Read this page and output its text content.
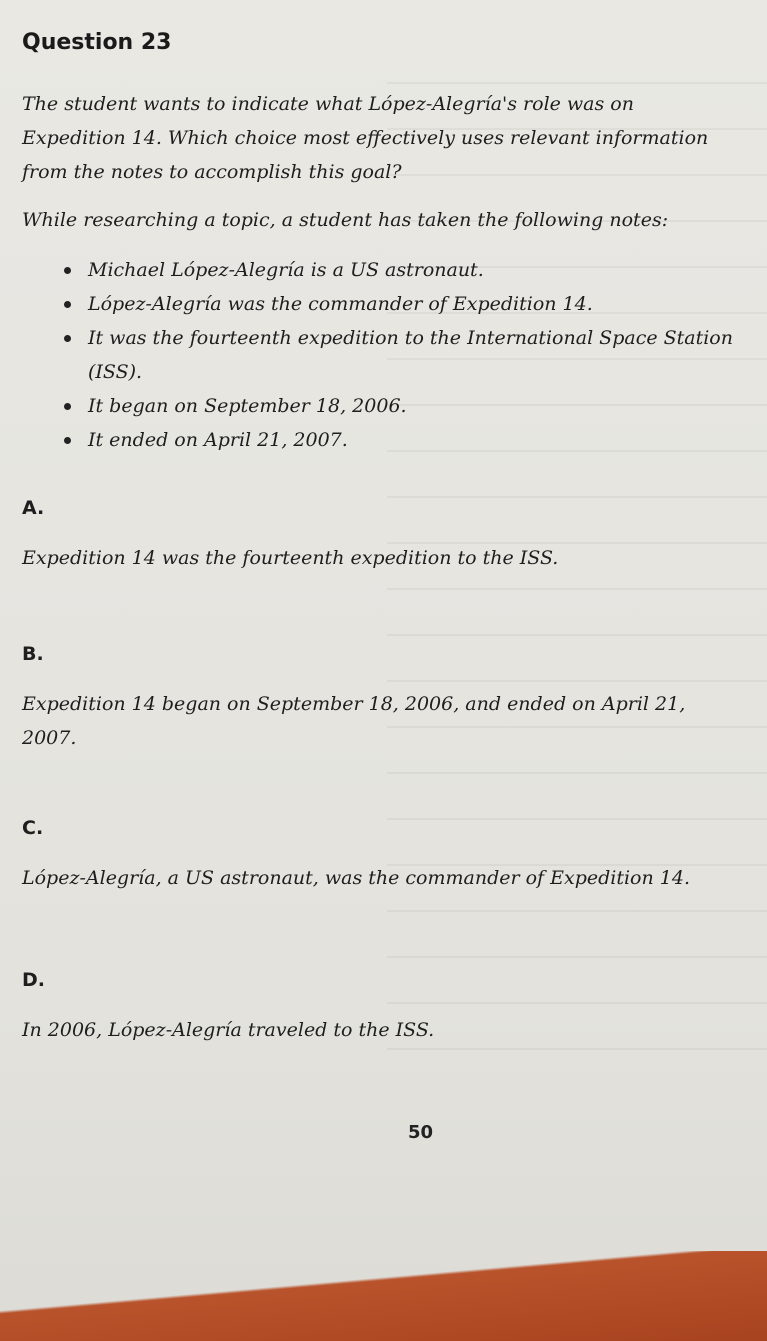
Question 23

The student wants to indicate what López-Alegría's role was on Expedition 14. Which choice most effectively uses relevant information from the notes to accomplish this goal?

While researching a topic, a student has taken the following notes:

Michael López-Alegría is a US astronaut.
López-Alegría was the commander of Expedition 14.
It was the fourteenth expedition to the International Space Station (ISS).
It began on September 18, 2006.
It ended on April 21, 2007.

A.

Expedition 14 was the fourteenth expedition to the ISS.

B.

Expedition 14 began on September 18, 2006, and ended on April 21, 2007.

C.

López-Alegría, a US astronaut, was the commander of Expedition 14.

D.

In 2006, López-Alegría traveled to the ISS.

50
